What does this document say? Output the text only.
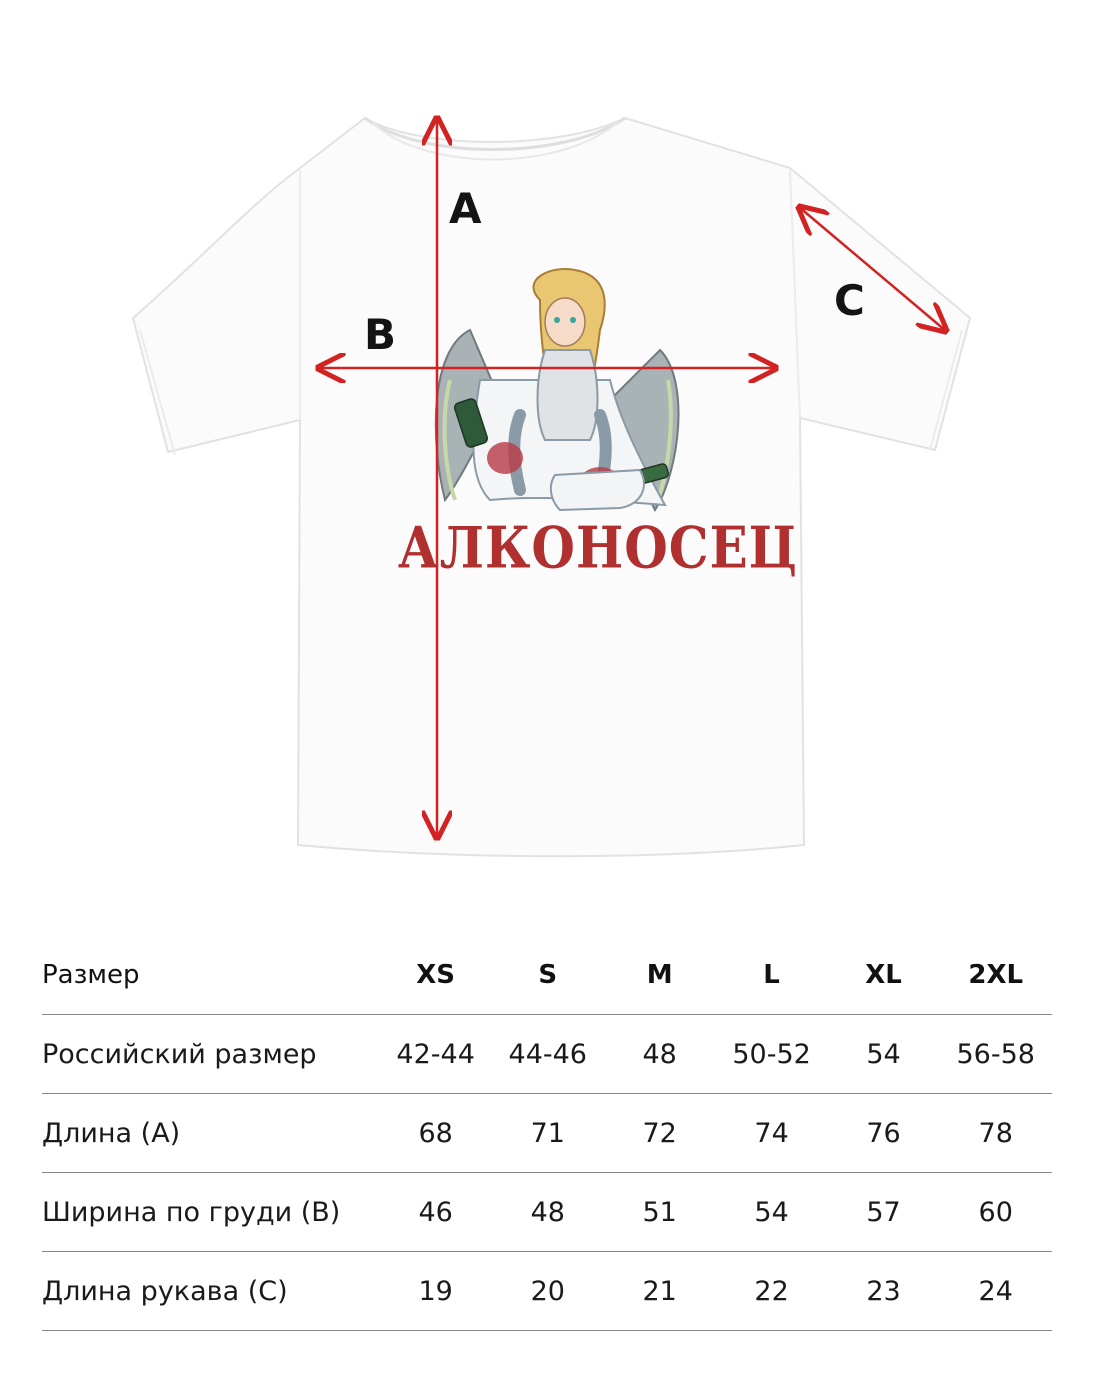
A
B
C
АЛКОНОСЕЦ
Размер	XS	S	M	L	XL	2XL
Российский размер	42-44	44-46	48	50-52	54	56-58
Длина (A)	68	71	72	74	76	78
Ширина по груди (B)	46	48	51	54	57	60
Длина рукава (C)	19	20	21	22	23	24
